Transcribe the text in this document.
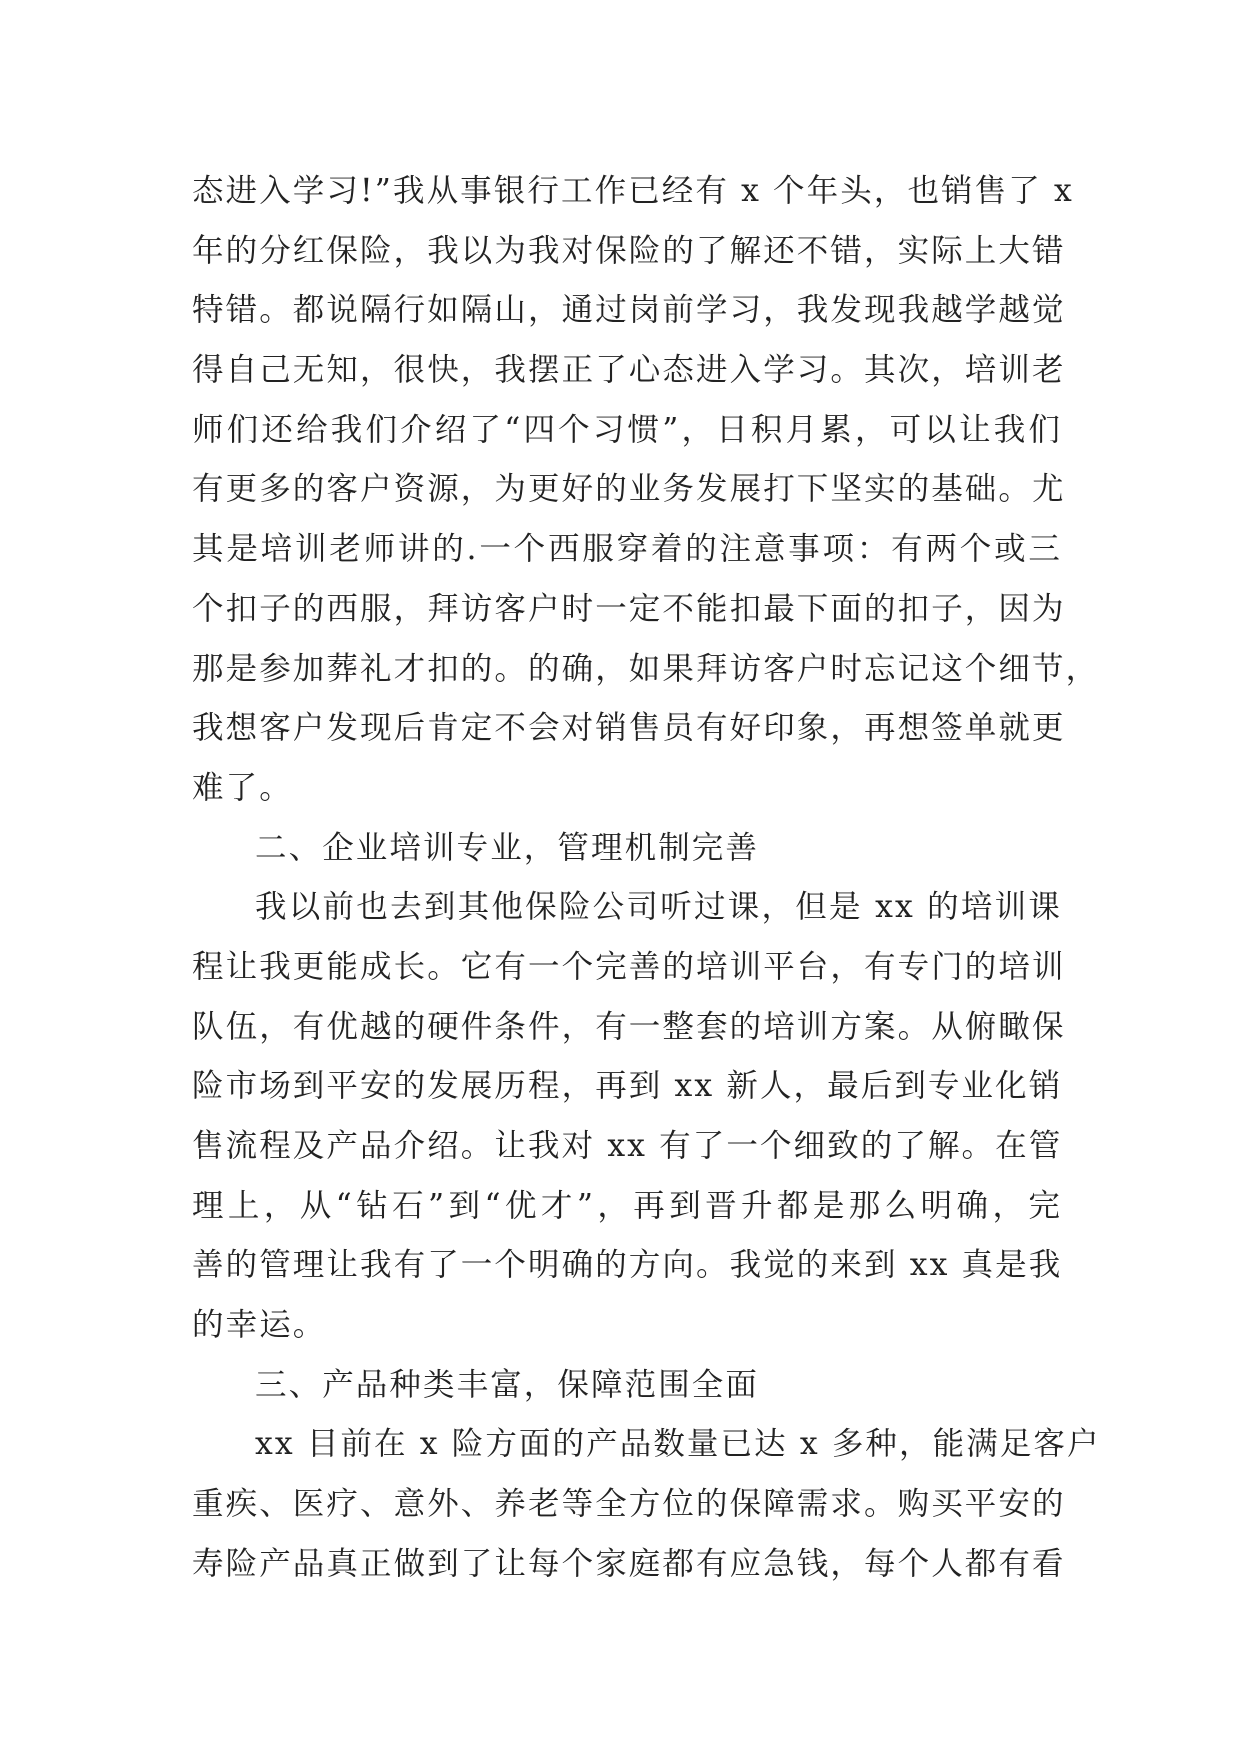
态进入学习!”我从事银行工作已经有 x 个年头，也销售了 x
年的分红保险，我以为我对保险的了解还不错，实际上大错
特错。都说隔行如隔山，通过岗前学习，我发现我越学越觉
得自己无知，很快，我摆正了心态进入学习。其次，培训老
师们还给我们介绍了“四个习惯”，日积月累，可以让我们
有更多的客户资源，为更好的业务发展打下坚实的基础。尤
其是培训老师讲的.一个西服穿着的注意事项：有两个或三
个扣子的西服，拜访客户时一定不能扣最下面的扣子，因为
那是参加葬礼才扣的。的确，如果拜访客户时忘记这个细节，
我想客户发现后肯定不会对销售员有好印象，再想签单就更
难了。
二、企业培训专业，管理机制完善
我以前也去到其他保险公司听过课，但是 xx 的培训课
程让我更能成长。它有一个完善的培训平台，有专门的培训
队伍，有优越的硬件条件，有一整套的培训方案。从俯瞰保
险市场到平安的发展历程，再到 xx 新人，最后到专业化销
售流程及产品介绍。让我对 xx 有了一个细致的了解。在管
理上，从“钻石”到“优才”，再到晋升都是那么明确，完
善的管理让我有了一个明确的方向。我觉的来到 xx 真是我
的幸运。
三、产品种类丰富，保障范围全面
xx 目前在 x 险方面的产品数量已达 x 多种，能满足客户
重疾、医疗、意外、养老等全方位的保障需求。购买平安的
寿险产品真正做到了让每个家庭都有应急钱，每个人都有看
